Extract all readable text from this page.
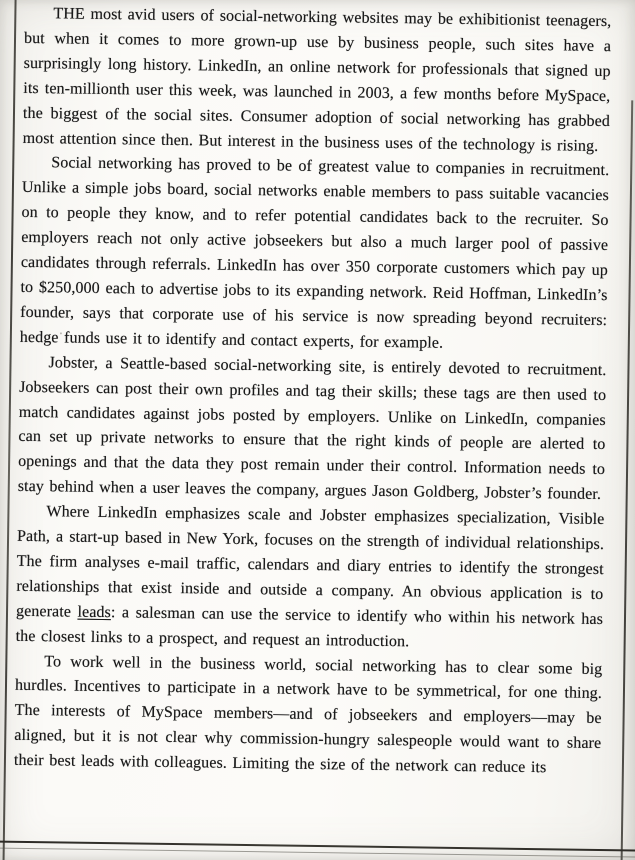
THE most avid users of social-networking websites may be exhibitionist teenagers, but when it comes to more grown-up use by business people, such sites have a surprisingly long history. LinkedIn, an online network for professionals that signed up its ten-millionth user this week, was launched in 2003, a few months before MySpace, the biggest of the social sites. Consumer adoption of social networking has grabbed most attention since then. But interest in the business uses of the technology is rising.

Social networking has proved to be of greatest value to companies in recruitment. Unlike a simple jobs board, social networks enable members to pass suitable vacancies on to people they know, and to refer potential candidates back to the recruiter. So employers reach not only active jobseekers but also a much larger pool of passive candidates through referrals. LinkedIn has over 350 corporate customers which pay up to $250,000 each to advertise jobs to its expanding network. Reid Hoffman, LinkedIn’s founder, says that corporate use of his service is now spreading beyond recruiters: hedge funds use it to identify and contact experts, for example.

Jobster, a Seattle-based social-networking site, is entirely devoted to recruitment. Jobseekers can post their own profiles and tag their skills; these tags are then used to match candidates against jobs posted by employers. Unlike on LinkedIn, companies can set up private networks to ensure that the right kinds of people are alerted to openings and that the data they post remain under their control. Information needs to stay behind when a user leaves the company, argues Jason Goldberg, Jobster’s founder.

Where LinkedIn emphasizes scale and Jobster emphasizes specialization, Visible Path, a start-up based in New York, focuses on the strength of individual relationships. The firm analyses e-mail traffic, calendars and diary entries to identify the strongest relationships that exist inside and outside a company. An obvious application is to generate leads: a salesman can use the service to identify who within his network has the closest links to a prospect, and request an introduction.

To work well in the business world, social networking has to clear some big hurdles. Incentives to participate in a network have to be symmetrical, for one thing. The interests of MySpace members—and of jobseekers and employers—may be aligned, but it is not clear why commission-hungry salespeople would want to share their best leads with colleagues. Limiting the size of the network can reduce its
